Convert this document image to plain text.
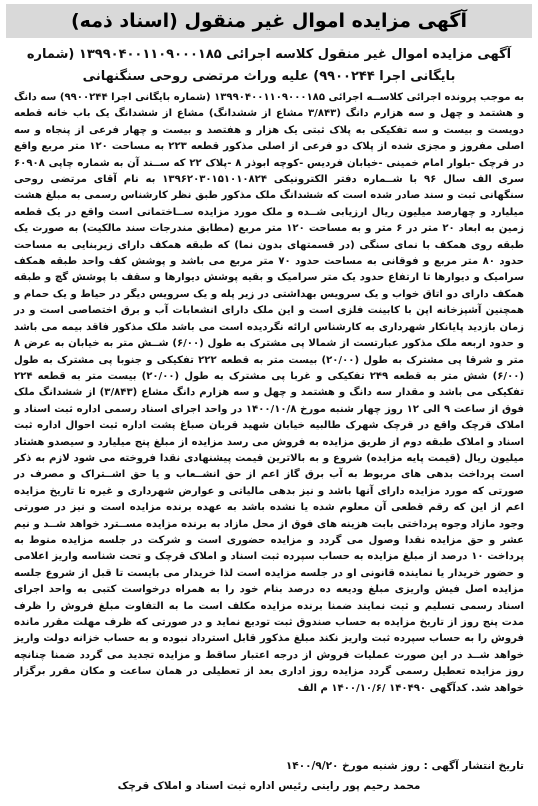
آگهی مزایده اموال غیر منقول (اسناد ذمه)
آگهی مزایده اموال غیر منقول کلاسه اجرائی ۱۳۹۹۰۴۰۰۱۱۰۹۰۰۰۱۸۵ (شماره بایگانی اجرا ۹۹۰۰۲۴۴) علیه وراث مرتضی روحی سنگنهانی

به موجب پرونده اجرائی کلاســه اجرائی ۱۳۹۹۰۴۰۰۱۱۰۹۰۰۰۱۸۵ (شماره بایگانی اجرا ۹۹۰۰۲۴۴) سه دانگ و هشتمد و چهل و سه هزارم دانگ (۳/۸۴۳ مشاع از ششدانگ) مشاع از ششدانگ یک باب خانه قطعه دویست و بیست و سه تفکیکی به پلاک ثبتی یک هزار و هفتصد و بیست و چهار فرعی از پنجاه و سه اصلی مفروز و مجزی شده از پلاک دو فرعی از اصلی مذکور قطعه ۲۲۳ به مساحت ۱۲۰ متر مربع واقع در قرچک -بلوار امام خمینی -خیابان فردیس -کوچه ابوذر ۸ -پلاک ۲۲ که ســند آن به شماره چاپی ۶۰۹۰۸ سری الف سال ۹۶ با شــماره دفتر الکترونیکی ۱۳۹۶۲۰۳۰۱۵۱۰۱۰۸۲۴ به نام آقای مرتضی روحی سنگهانی ثبت و سند صادر شده است که ششدانگ ملک مذکور طبق نظر کارشناس رسمی به مبلغ هشت میلیارد و چهارصد میلیون ریال ارزیابی شــده و ملک مورد مزایده ســاختمانی است واقع در یک قطعه زمین به ابعاد ۲۰ متر در ۶ متر و به مساحت ۱۲۰ متر مربع (مطابق مندرجات سند مالکیت) به صورت یک طبقه روی همکف با نمای سنگی (در قسمتهای بدون نما) که طبقه همکف دارای زیربنایی به مساحت حدود ۸۰ متر مربع و فوقانی به مساحت حدود ۷۰ متر مربع می باشد و پوشش کف واحد طبقه همکف سرامیک و دیوارها تا ارتفاع حدود یک متر سرامیک و بقیه پوشش دیوارها و سقف با پوشش گچ و طبقه همکف دارای دو اتاق خواب و یک سرویس بهداشتی در زیر پله و یک سرویس دیگر در حیاط و یک حمام و همچنین آشپزخانه اپن با کابینت فلزی است و این ملک دارای انشعابات آب و برق اختصاصی است و در زمان بازدید پایانکار شهرداری به کارشناس ارائه نگردیده است می باشد ملک مذکور فاقد بیمه می باشد و حدود اربعه ملک مذکور عبارتست از شمالا پی مشترک به طول (۶/۰۰) شــش متر به خیابان به عرض ۸ متر و شرقا پی مشترک به طول (۲۰/۰۰) بیست متر به قطعه ۲۲۲ تفکیکی و جنوبا پی مشترک به طول (۶/۰۰) شش متر به قطعه ۲۴۹ تفکیکی و غربا پی مشترک به طول (۲۰/۰۰) بیست متر به قطعه ۲۲۴ تفکیکی می باشد و مقدار سه دانگ و هشتمد و چهل و سه هزارم دانگ مشاع (۳/۸۴۳) از ششدانگ ملک فوق از ساعت ۹ الی ۱۲ روز چهار شنبه مورخ ۱۴۰۰/۱۰/۸ در واحد اجرای اسناد رسمی اداره ثبت اسناد و املاک قرچک واقع در قرچک شهرک طالبیه خیابان شهید قربان صباغ پشت اداره ثبت احوال اداره ثبت اسناد و املاک طبقه دوم از طریق مزایده به فروش می رسد مزایده از مبلغ پنج میلیارد و سیصدو هشتاد میلیون ریال (قیمت پایه مزایده) شروع و به بالاترین قیمت پیشنهادی نقدا فروخته می شود لازم به ذکر است پرداخت بدهی های مربوط به آب برق گاز اعم از حق انشــعاب و یا حق اشــتراک و مصرف در صورتی که مورد مزایده دارای آنها باشد و نیز بدهی مالیاتی و عوارض شهرداری و غیره تا تاریخ مزایده اعم از این که رقم قطعی آن معلوم شده یا نشده باشد به عهده برنده مزایده است و نیز در صورتی وجود مازاد وجوه پرداختی بابت هزینه های فوق از محل مازاد به برنده مزایده مســترد خواهد شــد و نیم عشر و حق مزایده نقدا وصول می گردد و مزایده حضوری است و شرکت در جلسه مزایده منوط به پرداخت ۱۰ درصد از مبلغ مزایده به حساب سپرده ثبت اسناد و املاک قرچک و تحت شناسه واریز اعلامی و حضور خریدار یا نماینده قانونی او در جلسه مزایده است لذا خریدار می بایست تا قبل از شروع جلسه مزایده اصل فیش واریزی مبلغ ودیعه ده درصد بنام خود را به همراه درخواست کتبی به واحد اجرای اسناد رسمی تسلیم و ثبت نمایند ضمنا برنده مزایده مکلف است ما به التفاوت مبلغ فروش را ظرف مدت پنج روز از تاریخ مزایده به حساب صندوق ثبت تودیع نماید و در صورتی که ظرف مهلت مقرر مانده فروش را به حساب سپرده ثبت واریز نکند مبلغ مذکور قابل استرداد نبوده و به حساب خزانه دولت واریز خواهد شــد در این صورت عملیات فروش از درجه اعتبار ساقط و مزایده تجدید می گردد ضمنا چنانچه روز مزایده تعطیل رسمی گردد مزایده روز اداری بعد از تعطیلی در همان ساعت و مکان مقرر برگزار خواهد شد. کدآگهی ۱۴۰۴۹۰ /۱۴۰۰/۱۰/۶ م الف

تاریخ انتشار آگهی : روز شنبه مورخ ۱۴۰۰/۹/۲۰
محمد رحیم پور راینی رئیس اداره ثبت اسناد و املاک قرچک
